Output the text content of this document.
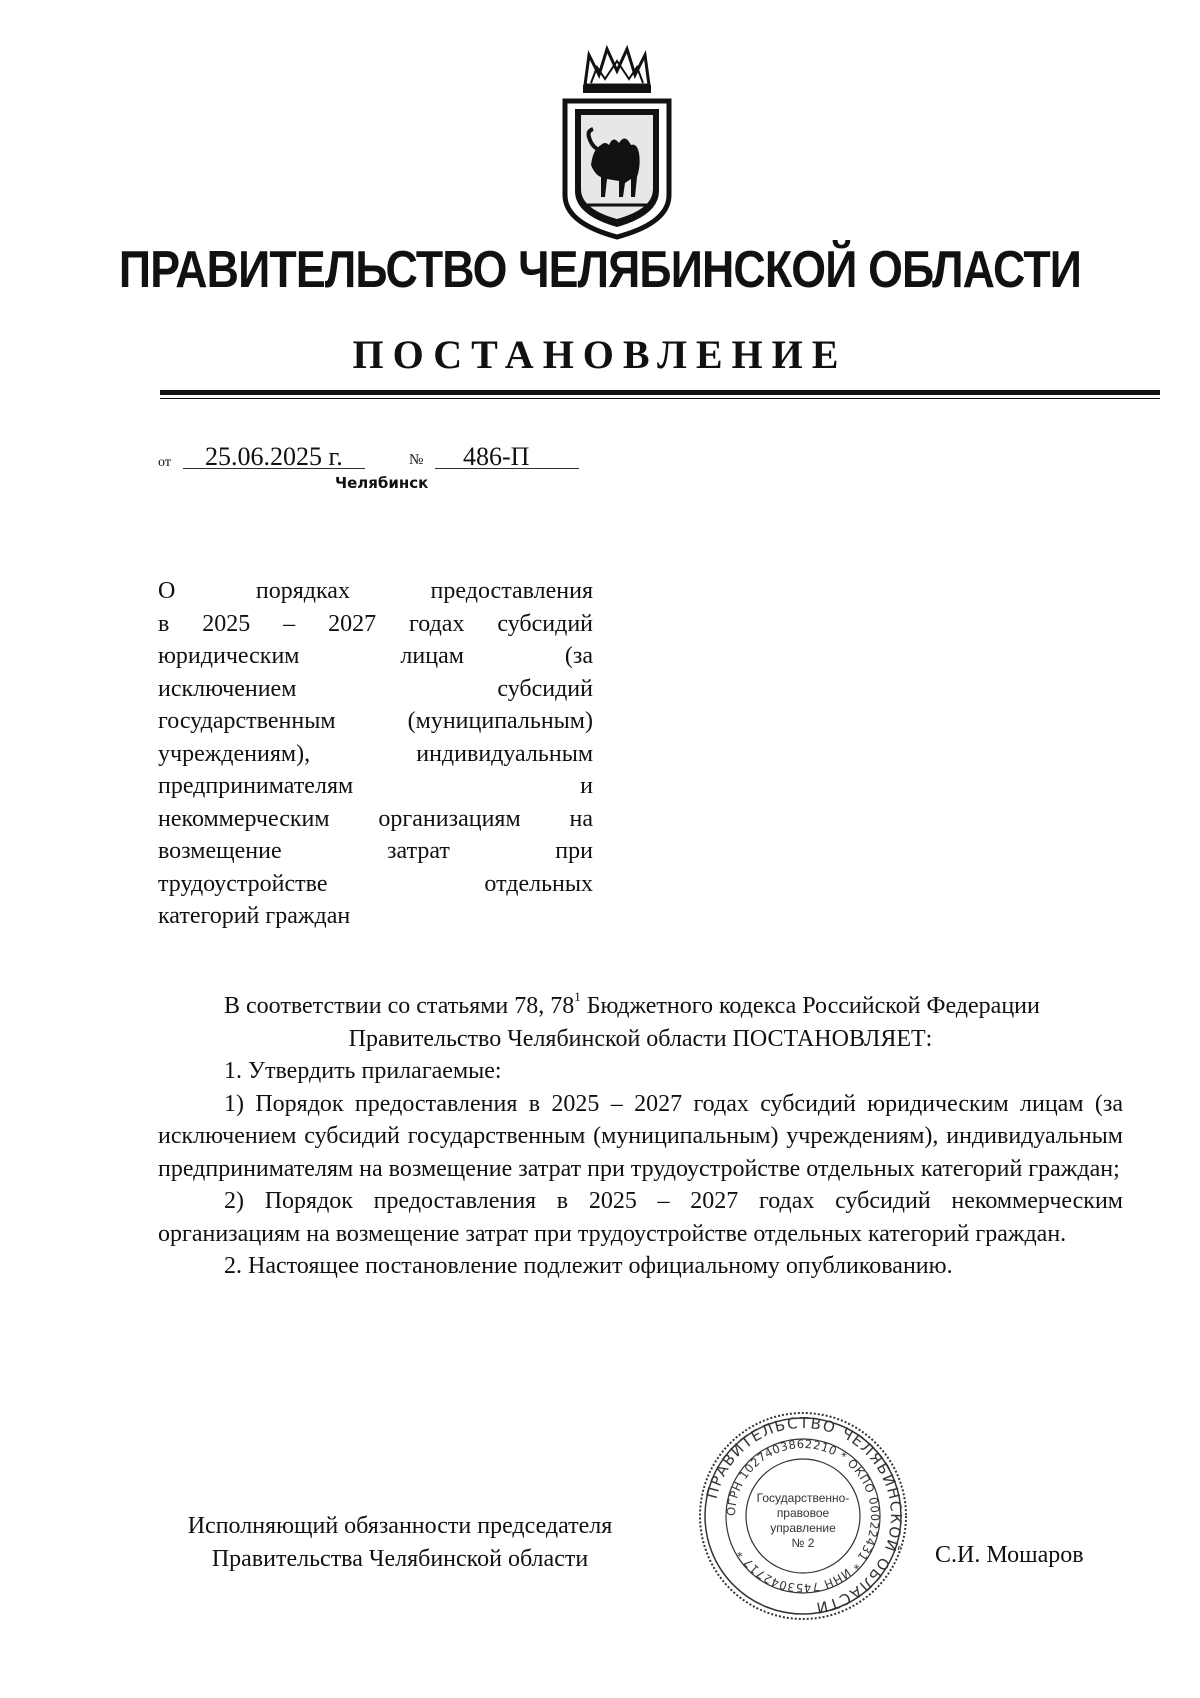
ПРАВИТЕЛЬСТВО ЧЕЛЯБИНСКОЙ ОБЛАСТИ
ПОСТАНОВЛЕНИЕ
от 25.06.2025 г.	№ 486-П
Челябинск
О порядках предоставления
в 2025 – 2027 годах субсидий
юридическим лицам (за
исключением субсидий
государственным (муниципальным)
учреждениям), индивидуальным
предпринимателям и
некоммерческим организациям на
возмещение затрат при
трудоустройстве отдельных
категорий граждан

В соответствии со статьями 78, $78^1$ Бюджетного кодекса Российской Федерации

Правительство Челябинской области ПОСТАНОВЛЯЕТ:

1. Утвердить прилагаемые:

1) Порядок предоставления в 2025 – 2027 годах субсидий юридическим лицам (за исключением субсидий государственным (муниципальным) учреждениям), индивидуальным предпринимателям на возмещение затрат при трудоустройстве отдельных категорий граждан;

2) Порядок предоставления в 2025 – 2027 годах субсидий некоммерческим организациям на возмещение затрат при трудоустройстве отдельных категорий граждан.

2. Настоящее постановление подлежит официальному опубликованию.

Исполняющий обязанности председателя
Правительства Челябинской области
ПРАВИТЕЛЬСТВО ЧЕЛЯБИНСКОЙ ОБЛАСТИ
ОГРН 1027403862210 * ОКПО 00022431 * ИНН 7453042717 *
Государственно-
правовое
управление
№ 2	С.И. Мошаров
